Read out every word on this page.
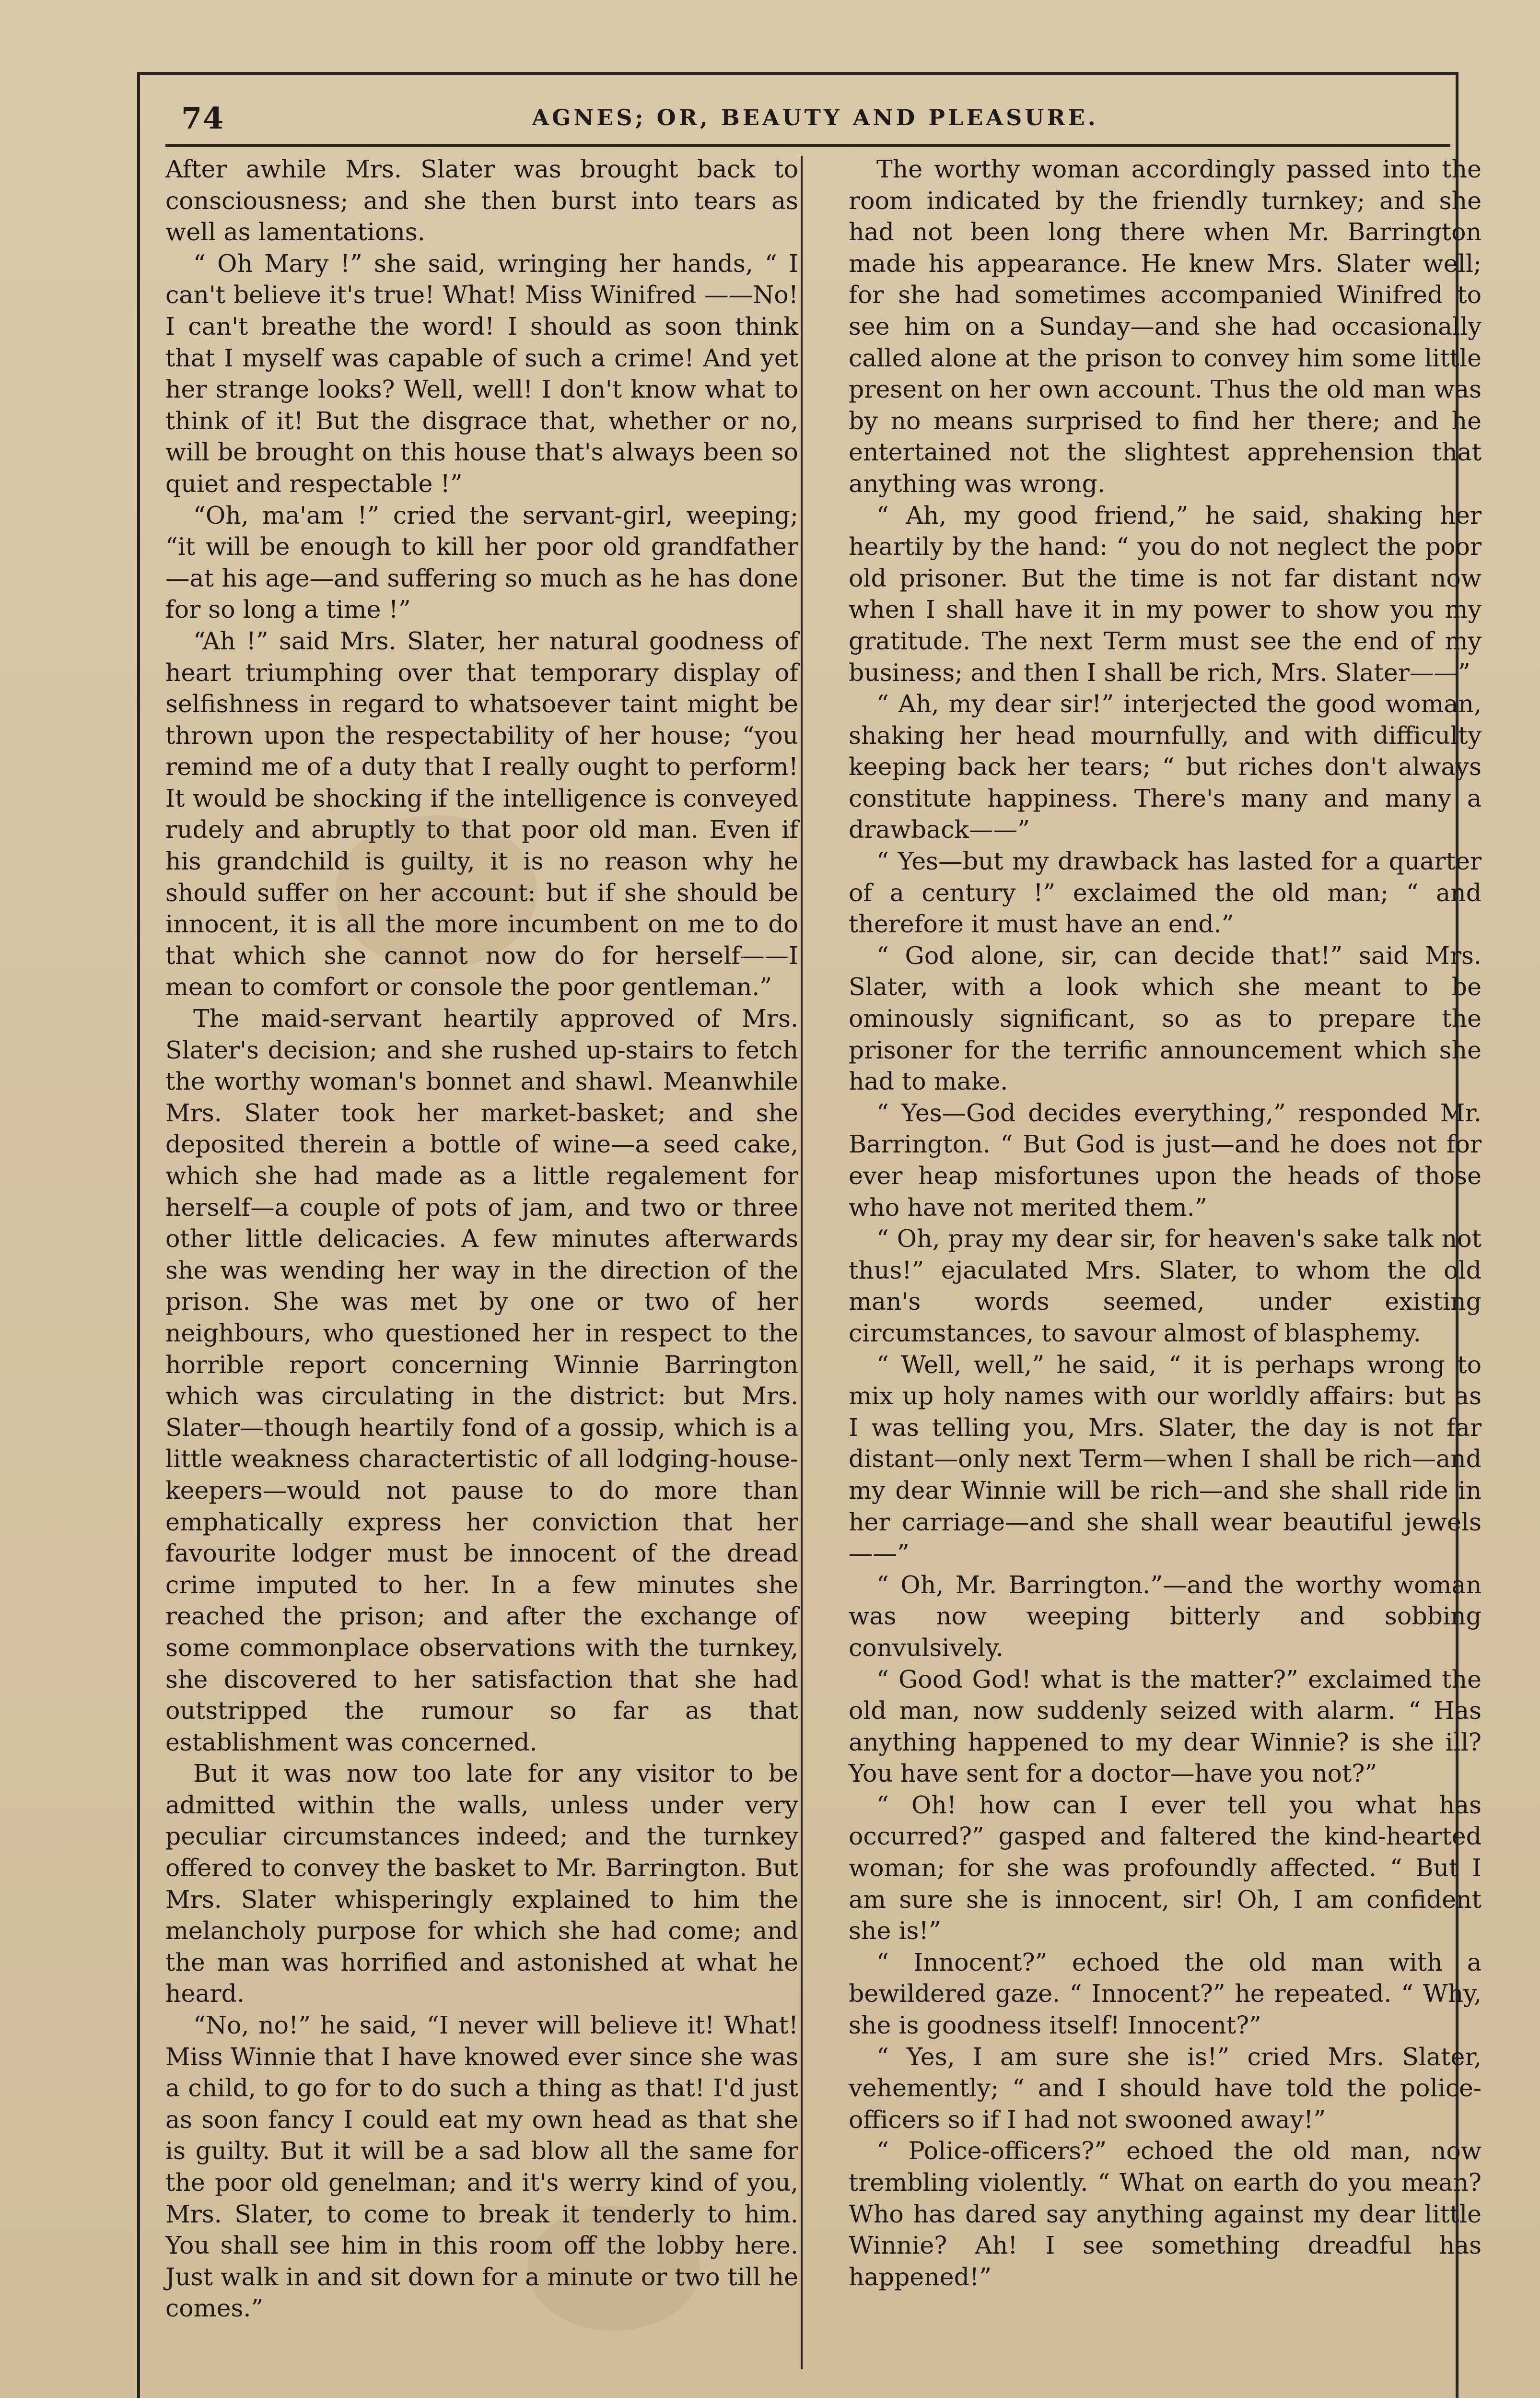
74	AGNES; OR, BEAUTY AND PLEASURE.

After awhile Mrs. Slater was brought back to consciousness; and she then burst into tears as well as lamentations.

“ Oh Mary !” she said, wringing her hands, “ I can't believe it's true! What! Miss Winifred ——No! I can't breathe the word! I should as soon think that I myself was capable of such a crime! And yet her strange looks? Well, well! I don't know what to think of it! But the disgrace that, whether or no, will be brought on this house that's always been so quiet and respectable !”

“Oh, ma'am !” cried the servant-girl, weeping; “it will be enough to kill her poor old grandfather —at his age—and suffering so much as he has done for so long a time !”

“Ah !” said Mrs. Slater, her natural goodness of heart triumphing over that temporary display of selfishness in regard to whatsoever taint might be thrown upon the respectability of her house; “you remind me of a duty that I really ought to perform! It would be shocking if the intelligence is conveyed rudely and abruptly to that poor old man. Even if his grandchild is guilty, it is no reason why he should suffer on her account: but if she should be innocent, it is all the more incumbent on me to do that which she cannot now do for herself——I mean to comfort or console the poor gentleman.”

The maid-servant heartily approved of Mrs. Slater's decision; and she rushed up-stairs to fetch the worthy woman's bonnet and shawl. Meanwhile Mrs. Slater took her market-basket; and she deposited therein a bottle of wine—a seed cake, which she had made as a little regalement for herself—a couple of pots of jam, and two or three other little delicacies. A few minutes afterwards she was wending her way in the direction of the prison. She was met by one or two of her neighbours, who questioned her in respect to the horrible report concerning Winnie Barrington which was circulating in the district: but Mrs. Slater—though heartily fond of a gossip, which is a little weakness charactertistic of all lodging-house-keepers—would not pause to do more than emphatically express her conviction that her favourite lodger must be innocent of the dread crime imputed to her. In a few minutes she reached the prison; and after the exchange of some commonplace observations with the turnkey, she discovered to her satisfaction that she had outstripped the rumour so far as that establishment was concerned.

But it was now too late for any visitor to be admitted within the walls, unless under very peculiar circumstances indeed; and the turnkey offered to convey the basket to Mr. Barrington. But Mrs. Slater whisperingly explained to him the melancholy purpose for which she had come; and the man was horrified and astonished at what he heard.

“No, no!” he said, “I never will believe it! What! Miss Winnie that I have knowed ever since she was a child, to go for to do such a thing as that! I'd just as soon fancy I could eat my own head as that she is guilty. But it will be a sad blow all the same for the poor old genelman; and it's werry kind of you, Mrs. Slater, to come to break it tenderly to him. You shall see him in this room off the lobby here. Just walk in and sit down for a minute or two till he comes.”

The worthy woman accordingly passed into the room indicated by the friendly turnkey; and she had not been long there when Mr. Barrington made his appearance. He knew Mrs. Slater well; for she had sometimes accompanied Winifred to see him on a Sunday—and she had occasionally called alone at the prison to convey him some little present on her own account. Thus the old man was by no means surprised to find her there; and he entertained not the slightest apprehension that anything was wrong.

“ Ah, my good friend,” he said, shaking her heartily by the hand: “ you do not neglect the poor old prisoner. But the time is not far distant now when I shall have it in my power to show you my gratitude. The next Term must see the end of my business; and then I shall be rich, Mrs. Slater——”

“ Ah, my dear sir!” interjected the good woman, shaking her head mournfully, and with difficulty keeping back her tears; “ but riches don't always constitute happiness. There's many and many a drawback——”

“ Yes—but my drawback has lasted for a quarter of a century !” exclaimed the old man; “ and therefore it must have an end.”

“ God alone, sir, can decide that!” said Mrs. Slater, with a look which she meant to be ominously significant, so as to prepare the prisoner for the terrific announcement which she had to make.

“ Yes—God decides everything,” responded Mr. Barrington. “ But God is just—and he does not for ever heap misfortunes upon the heads of those who have not merited them.”

“ Oh, pray my dear sir, for heaven's sake talk not thus!” ejaculated Mrs. Slater, to whom the old man's words seemed, under existing circumstances, to savour almost of blasphemy.

“ Well, well,” he said, “ it is perhaps wrong to mix up holy names with our worldly affairs: but as I was telling you, Mrs. Slater, the day is not far distant—only next Term—when I shall be rich—and my dear Winnie will be rich—and she shall ride in her carriage—and she shall wear beautiful jewels——”

“ Oh, Mr. Barrington.”—and the worthy woman was now weeping bitterly and sobbing convulsively.

“ Good God! what is the matter?” exclaimed the old man, now suddenly seized with alarm. “ Has anything happened to my dear Winnie? is she ill? You have sent for a doctor—have you not?”

“ Oh! how can I ever tell you what has occurred?” gasped and faltered the kind-hearted woman; for she was profoundly affected. “ But I am sure she is innocent, sir! Oh, I am confident she is!”

“ Innocent?” echoed the old man with a bewildered gaze. “ Innocent?” he repeated. “ Why, she is goodness itself! Innocent?”

“ Yes, I am sure she is!” cried Mrs. Slater, vehemently; “ and I should have told the police-officers so if I had not swooned away!”

“ Police-officers?” echoed the old man, now trembling violently. “ What on earth do you mean? Who has dared say anything against my dear little Winnie? Ah! I see something dreadful has happened!”
